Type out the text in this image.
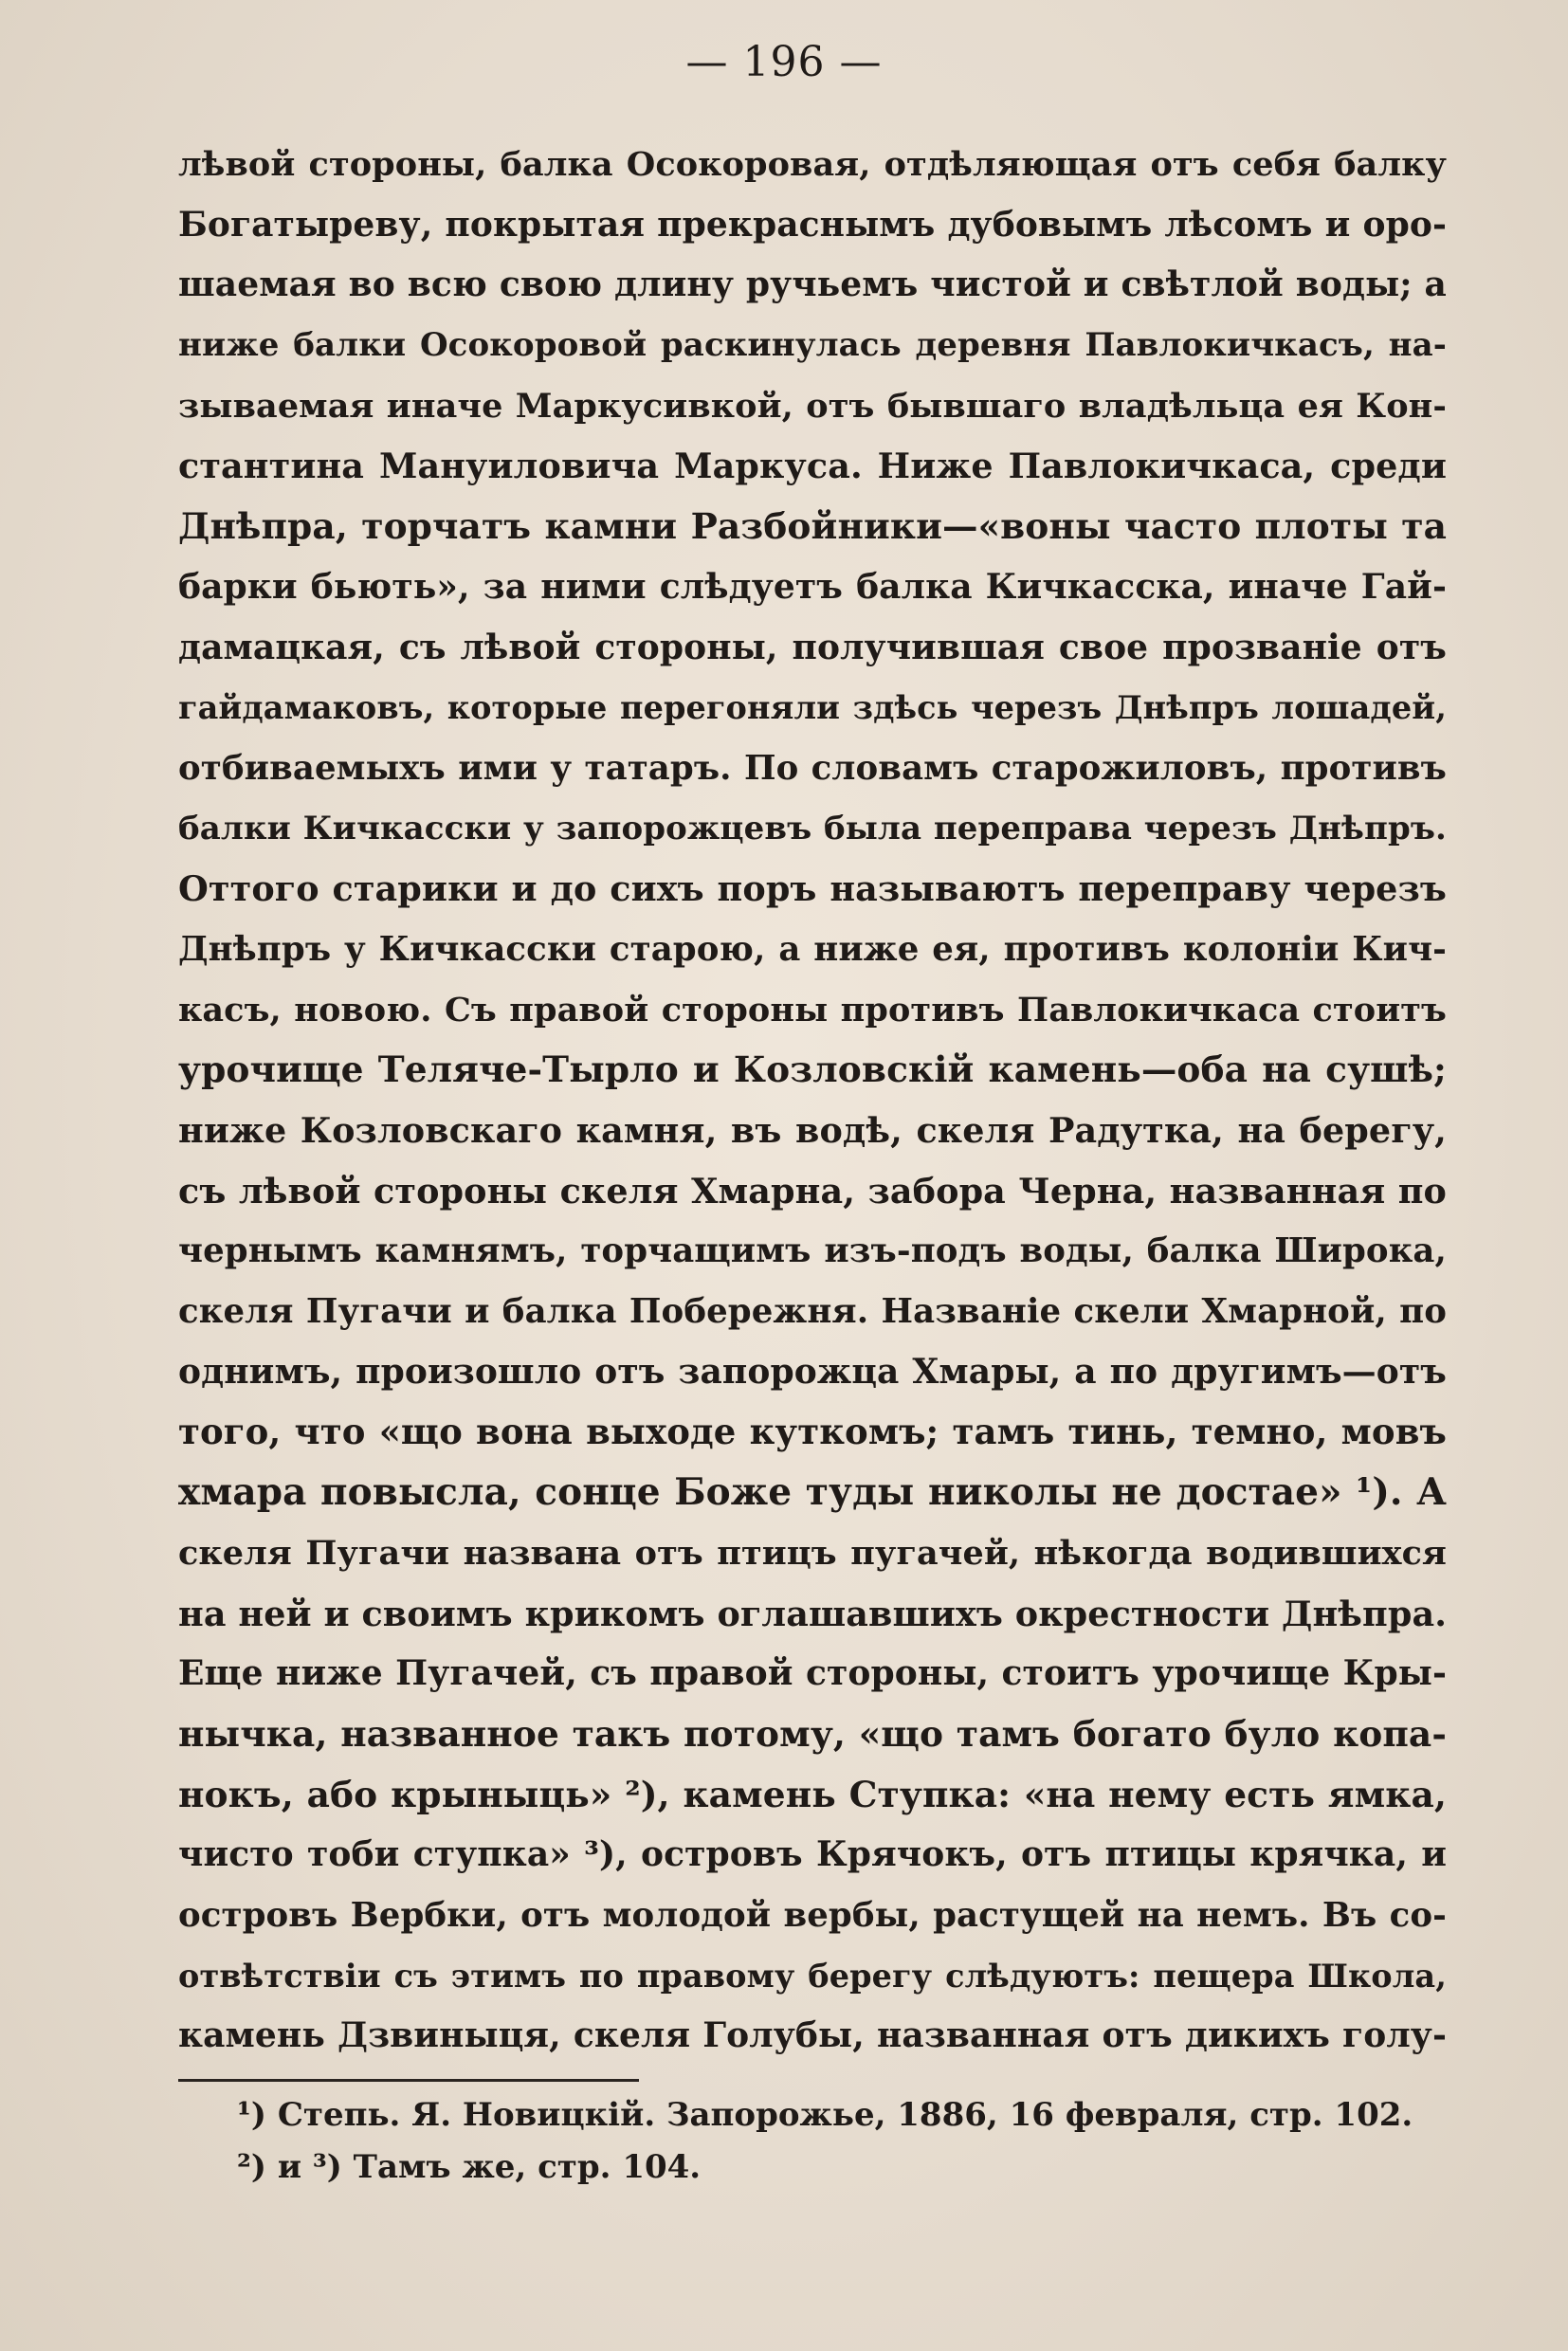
— 196 —
лѣвой стороны, балка Осокоровая, отдѣляющая отъ себя балку
Богатыреву, покрытая прекраснымъ дубовымъ лѣсомъ и оро-
шаемая во всю свою длину ручьемъ чистой и свѣтлой воды; а
ниже балки Осокоровой раскинулась деревня Павлокичкасъ, на-
зываемая иначе Маркусивкой, отъ бывшаго владѣльца ея Кон-
стантина Мануиловича Маркуса. Ниже Павлокичкаса, среди
Днѣпра, торчатъ камни Разбойники—«воны часто плоты та
барки бьють», за ними слѣдуетъ балка Кичкасска, иначе Гай-
дамацкая, съ лѣвой стороны, получившая свое прозваніе отъ
гайдамаковъ, которые перегоняли здѣсь черезъ Днѣпръ лошадей,
отбиваемыхъ ими у татаръ. По словамъ старожиловъ, противъ
балки Кичкасски у запорожцевъ была переправа черезъ Днѣпръ.
Оттого старики и до сихъ поръ называютъ переправу черезъ
Днѣпръ у Кичкасски старою, а ниже ея, противъ колоніи Кич-
касъ, новою. Съ правой стороны противъ Павлокичкаса стоитъ
урочище Теляче-Тырло и Козловскій камень—оба на сушѣ;
ниже Козловскаго камня, въ водѣ, скеля Радутка, на берегу,
съ лѣвой стороны скеля Хмарна, забора Черна, названная по
чернымъ камнямъ, торчащимъ изъ-подъ воды, балка Широка,
скеля Пугачи и балка Побережня. Названіе скели Хмарной, по
однимъ, произошло отъ запорожца Хмары, а по другимъ—отъ
того, что «що вона выходе куткомъ; тамъ тинь, темно, мовъ
хмара повысла, сонце Боже туды николы не достае» ¹). А
скеля Пугачи названа отъ птицъ пугачей, нѣкогда водившихся
на ней и своимъ крикомъ оглашавшихъ окрестности Днѣпра.
Еще ниже Пугачей, съ правой стороны, стоитъ урочище Кры-
нычка, названное такъ потому, «що тамъ богато було копа-
нокъ, або крыныць» ²), камень Ступка: «на нему есть ямка,
чисто тоби ступка» ³), островъ Крячокъ, отъ птицы крячка, и
островъ Вербки, отъ молодой вербы, растущей на немъ. Въ со-
отвѣтствіи съ этимъ по правому берегу слѣдуютъ: пещера Школа,
камень Дзвиныця, скеля Голубы, названная отъ дикихъ голу-
¹) Степь. Я. Новицкій. Запорожье, 1886, 16 февраля, стр. 102.
²) и ³) Тамъ же, стр. 104.
